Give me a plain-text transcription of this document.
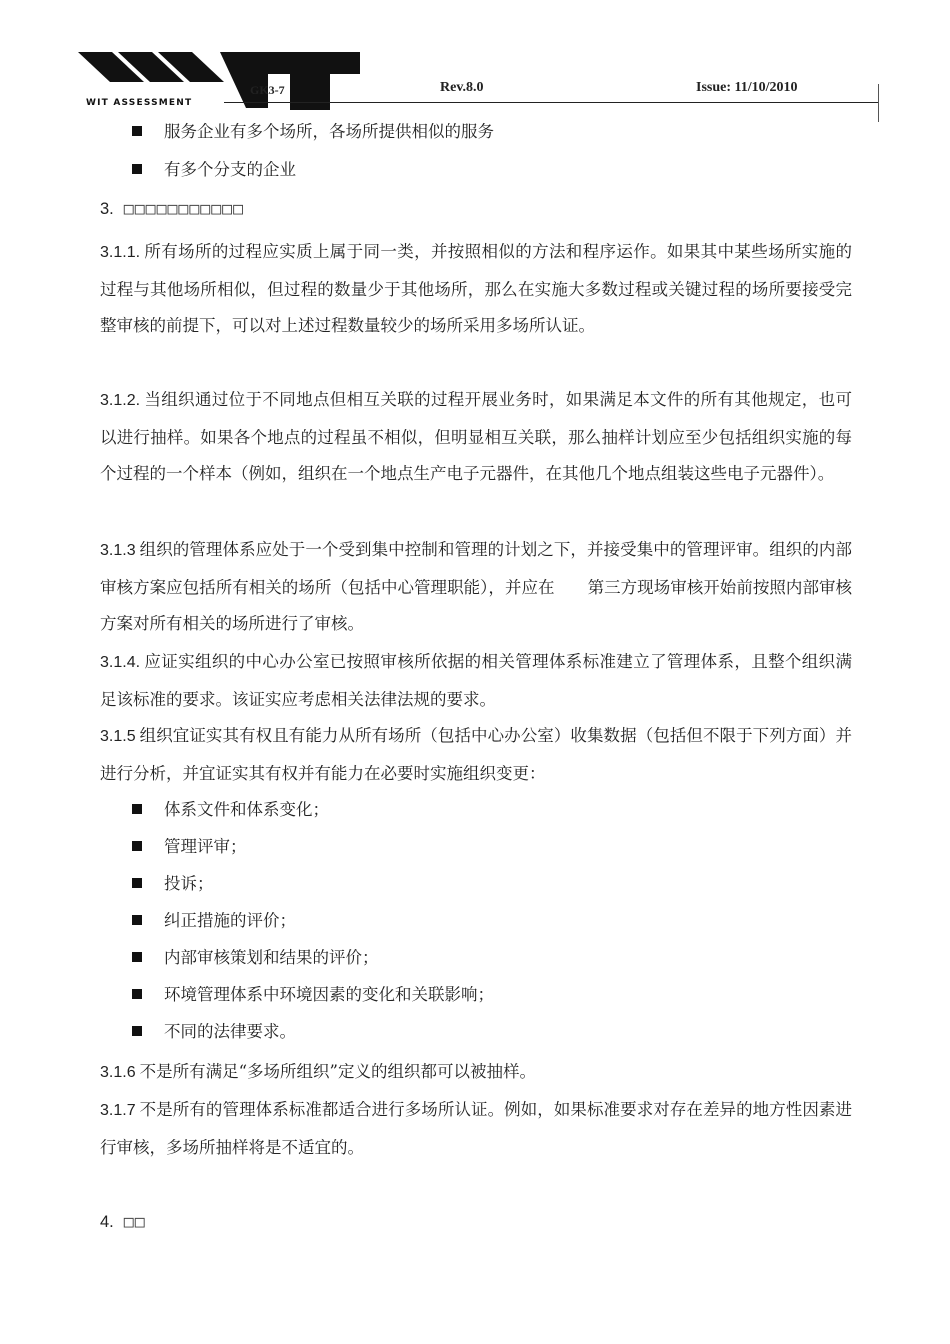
WIT ASSESSMENT
GK3-7	Rev.8.0	Issue: 11/10/2010
服务企业有多个场所，各场所提供相似的服务
有多个分支的企业
3. □□□□□□□□□□□
3.1.1. 所有场所的过程应实质上属于同一类，并按照相似的方法和程序运作。如果其中某些场所实施的过程与其他场所相似，但过程的数量少于其他场所，那么在实施大多数过程或关键过程的场所要接受完整审核的前提下，可以对上述过程数量较少的场所采用多场所认证。
3.1.2. 当组织通过位于不同地点但相互关联的过程开展业务时，如果满足本文件的所有其他规定，也可以进行抽样。如果各个地点的过程虽不相似，但明显相互关联，那么抽样计划应至少包括组织实施的每个过程的一个样本（例如，组织在一个地点生产电子元器件，在其他几个地点组装这些电子元器件）。
3.1.3 组织的管理体系应处于一个受到集中控制和管理的计划之下，并接受集中的管理评审。组织的内部审核方案应包括所有相关的场所（包括中心管理职能），并应在　　第三方现场审核开始前按照内部审核方案对所有相关的场所进行了审核。
3.1.4. 应证实组织的中心办公室已按照审核所依据的相关管理体系标准建立了管理体系，且整个组织满足该标准的要求。该证实应考虑相关法律法规的要求。
3.1.5 组织宜证实其有权且有能力从所有场所（包括中心办公室）收集数据（包括但不限于下列方面）并进行分析，并宜证实其有权并有能力在必要时实施组织变更：
体系文件和体系变化；
管理评审；
投诉；
纠正措施的评价；
内部审核策划和结果的评价；
环境管理体系中环境因素的变化和关联影响；
不同的法律要求。
3.1.6 不是所有满足“多场所组织”定义的组织都可以被抽样。
3.1.7 不是所有的管理体系标准都适合进行多场所认证。例如，如果标准要求对存在差异的地方性因素进行审核，多场所抽样将是不适宜的。
4. □□
